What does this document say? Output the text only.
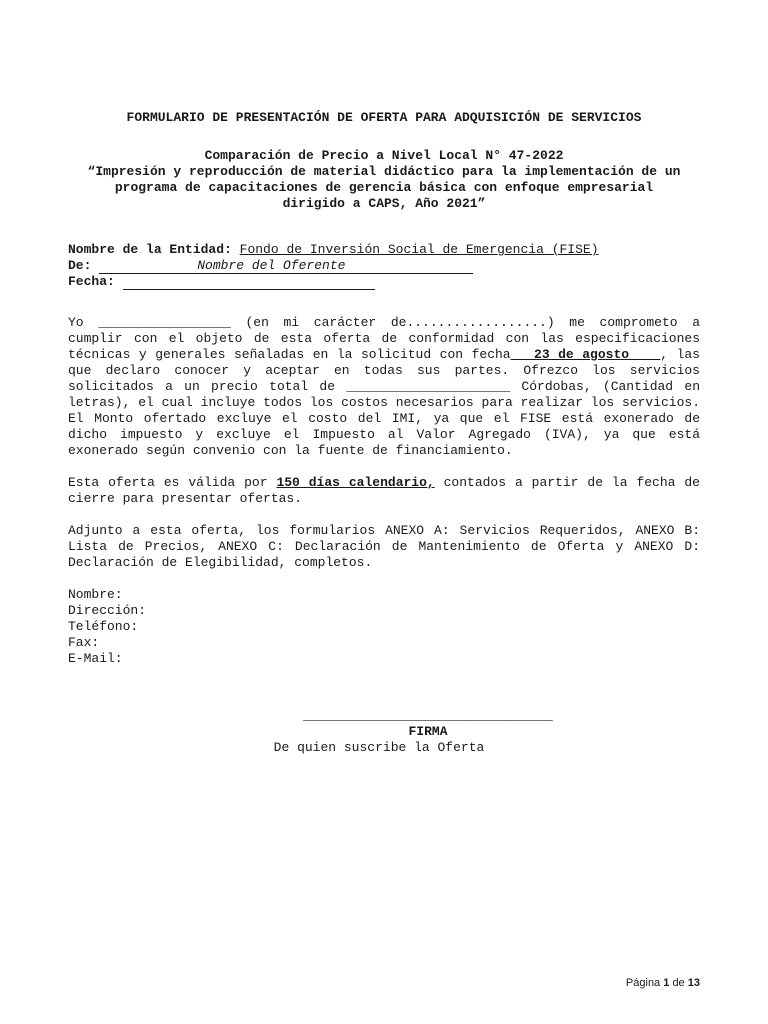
FORMULARIO DE PRESENTACIÓN DE OFERTA PARA ADQUISICIÓN DE SERVICIOS
Comparación de Precio a Nivel Local N° 47-2022
“Impresión y reproducción de material didáctico para la implementación de un
programa de capacitaciones de gerencia básica con enfoque empresarial
dirigido a CAPS, Año 2021”
Nombre de la Entidad: Fondo de Inversión Social de Emergencia (FISE)
De:	Nombre del Oferente
Fecha:
Yo _________________ (en mi carácter de..................) me comprometo a cumplir con el objeto de esta oferta de conformidad con las especificaciones técnicas y generales señaladas en la solicitud con fecha___23 de agosto____, las que declaro conocer y aceptar en todas sus partes. Ofrezco los servicios solicitados a un precio total de _____________________ Córdobas, (Cantidad en letras), el cual incluye todos los costos necesarios para realizar los servicios. El Monto ofertado excluye el costo del IMI, ya que el FISE está exonerado de dicho impuesto y excluye el Impuesto al Valor Agregado (IVA), ya que está exonerado según convenio con la fuente de financiamiento.
Esta oferta es válida por 150 días calendario, contados a partir de la fecha de cierre para presentar ofertas.
Adjunto a esta oferta, los formularios ANEXO A: Servicios Requeridos, ANEXO B: Lista de Precios, ANEXO C: Declaración de Mantenimiento de Oferta y ANEXO D: Declaración de Elegibilidad, completos.
Nombre:
Dirección:
Teléfono:
Fax:
E-Mail:
________________________________
FIRMA
De quien suscribe la Oferta
Página 1 de 13
